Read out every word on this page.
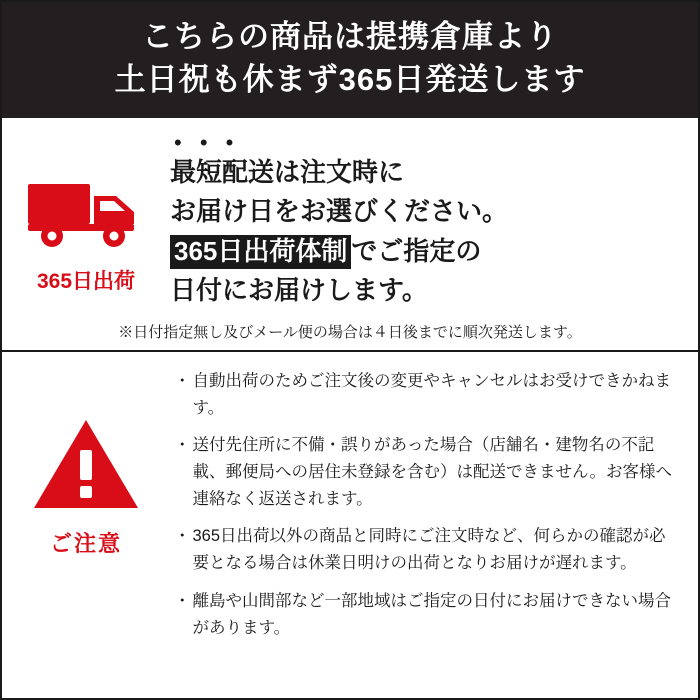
こちらの商品は提携倉庫より
土日祝も休まず365日発送します
365日出荷
• • •
最短配送は注文時に
お届け日をお選びください。
365日出荷体制 でご指定の
日付にお届けします。
※日付指定無し及びメール便の場合は４日後までに順次発送します。
ご注意
・ 自動出荷のためご注文後の変更やキャンセルはお受けできかねます。
・ 送付先住所に不備・誤りがあった場合（店舗名・建物名の不記載、郵便局への居住未登録を含む）は配送できません。お客様へ連絡なく返送されます。
・ 365日出荷以外の商品と同時にご注文時など、何らかの確認が必要となる場合は休業日明けの出荷となりお届けが遅れます。
・ 離島や山間部など一部地域はご指定の日付にお届けできない場合があります。
